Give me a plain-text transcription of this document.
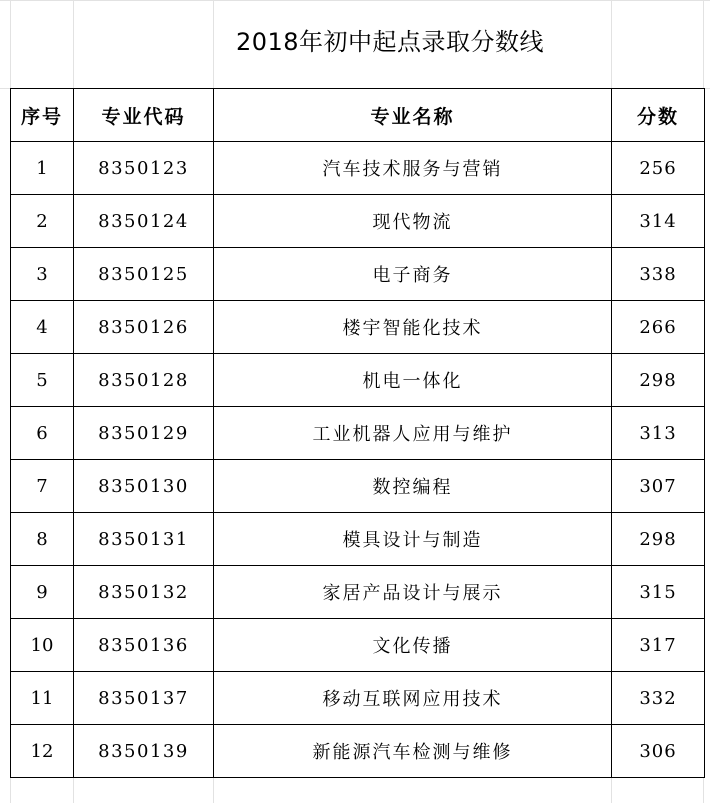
2018年初中起点录取分数线
序号	专业代码	专业名称	分数
1	8350123	汽车技术服务与营销	256
2	8350124	现代物流	314
3	8350125	电子商务	338
4	8350126	楼宇智能化技术	266
5	8350128	机电一体化	298
6	8350129	工业机器人应用与维护	313
7	8350130	数控编程	307
8	8350131	模具设计与制造	298
9	8350132	家居产品设计与展示	315
10	8350136	文化传播	317
11	8350137	移动互联网应用技术	332
12	8350139	新能源汽车检测与维修	306
